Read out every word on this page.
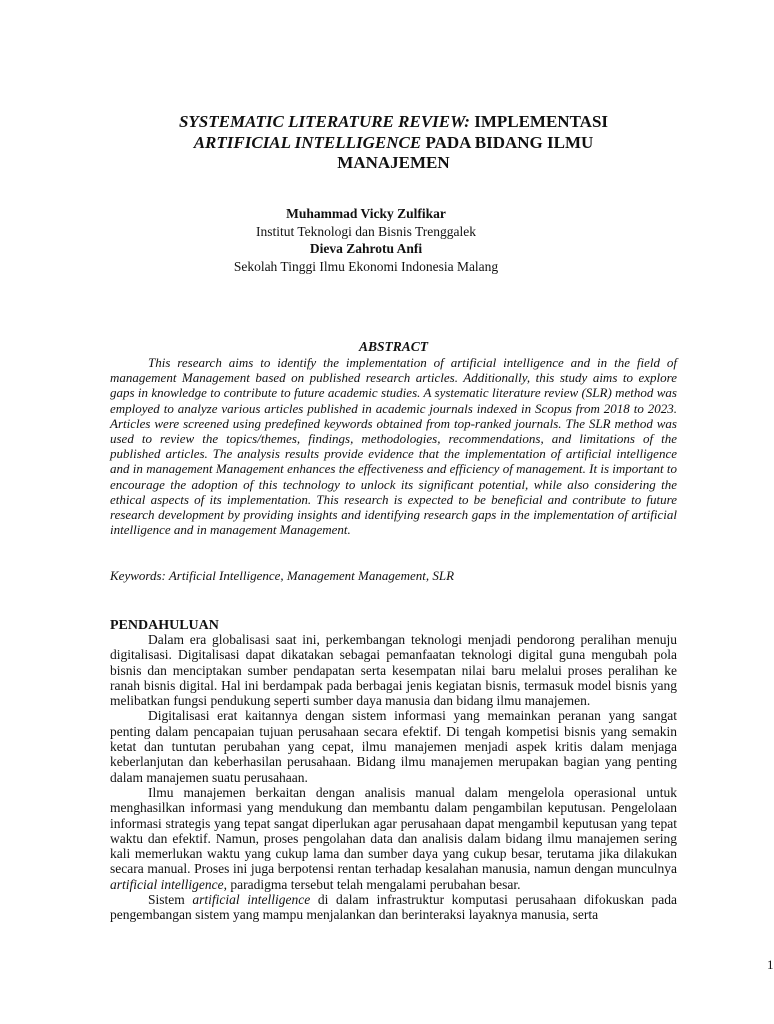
SYSTEMATIC LITERATURE REVIEW: IMPLEMENTASI
ARTIFICIAL INTELLIGENCE PADA BIDANG ILMU
MANAJEMEN
Muhammad Vicky Zulfikar
Institut Teknologi dan Bisnis Trenggalek
Dieva Zahrotu Anfi
Sekolah Tinggi Ilmu Ekonomi Indonesia Malang
ABSTRACT

This research aims to identify the implementation of artificial intelligence and in the field of management Management based on published research articles. Additionally, this study aims to explore gaps in knowledge to contribute to future academic studies. A systematic literature review (SLR) method was employed to analyze various articles published in academic journals indexed in Scopus from 2018 to 2023. Articles were screened using predefined keywords obtained from top-ranked journals. The SLR method was used to review the topics/themes, findings, methodologies, recommendations, and limitations of the published articles. The analysis results provide evidence that the implementation of artificial intelligence and in management Management enhances the effectiveness and efficiency of management. It is important to encourage the adoption of this technology to unlock its significant potential, while also considering the ethical aspects of its implementation. This research is expected to be beneficial and contribute to future research development by providing insights and identifying research gaps in the implementation of artificial intelligence and in management Management.

Keywords: Artificial Intelligence, Management Management, SLR
PENDAHULUAN

Dalam era globalisasi saat ini, perkembangan teknologi menjadi pendorong peralihan menuju digitalisasi. Digitalisasi dapat dikatakan sebagai pemanfaatan teknologi digital guna mengubah pola bisnis dan menciptakan sumber pendapatan serta kesempatan nilai baru melalui proses peralihan ke ranah bisnis digital. Hal ini berdampak pada berbagai jenis kegiatan bisnis, termasuk model bisnis yang melibatkan fungsi pendukung seperti sumber daya manusia dan bidang ilmu manajemen.

Digitalisasi erat kaitannya dengan sistem informasi yang memainkan peranan yang sangat penting dalam pencapaian tujuan perusahaan secara efektif. Di tengah kompetisi bisnis yang semakin ketat dan tuntutan perubahan yang cepat, ilmu manajemen menjadi aspek kritis dalam menjaga keberlanjutan dan keberhasilan perusahaan. Bidang ilmu manajemen merupakan bagian yang penting dalam manajemen suatu perusahaan.

Ilmu manajemen berkaitan dengan analisis manual dalam mengelola operasional untuk menghasilkan informasi yang mendukung dan membantu dalam pengambilan keputusan. Pengelolaan informasi strategis yang tepat sangat diperlukan agar perusahaan dapat mengambil keputusan yang tepat waktu dan efektif. Namun, proses pengolahan data dan analisis dalam bidang ilmu manajemen sering kali memerlukan waktu yang cukup lama dan sumber daya yang cukup besar, terutama jika dilakukan secara manual. Proses ini juga berpotensi rentan terhadap kesalahan manusia, namun dengan munculnya artificial intelligence, paradigma tersebut telah mengalami perubahan besar.

Sistem artificial intelligence di dalam infrastruktur komputasi perusahaan difokuskan pada pengembangan sistem yang mampu menjalankan dan berinteraksi layaknya manusia, serta

1
